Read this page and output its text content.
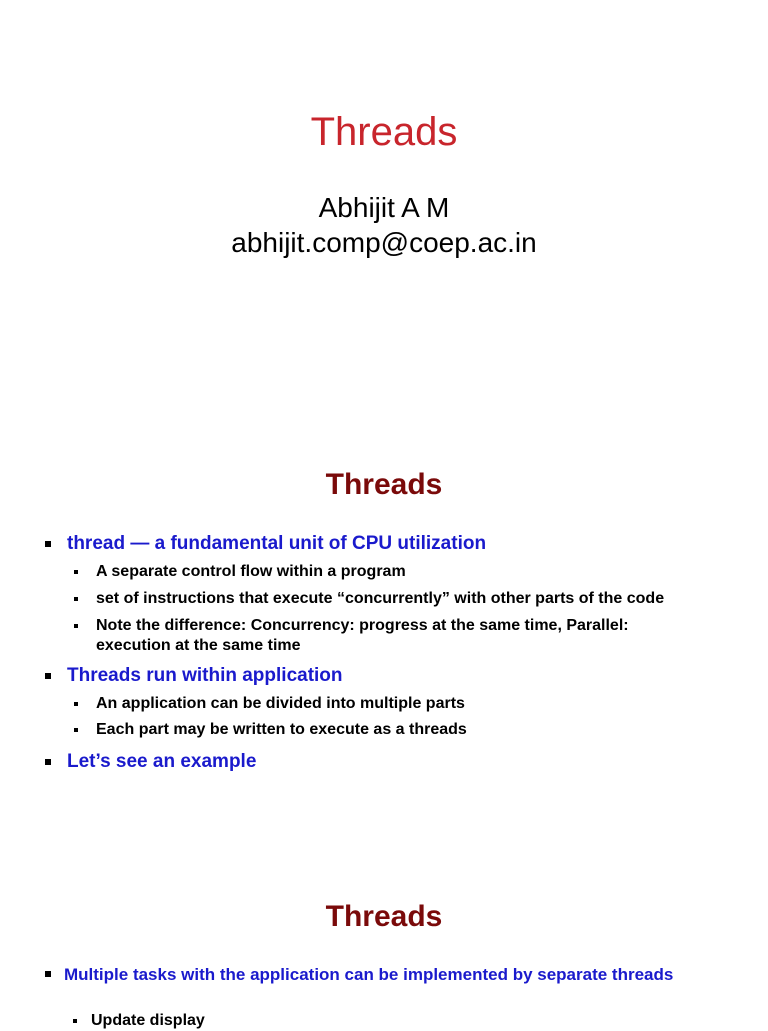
Threads
Abhijit A M
abhijit.comp@coep.ac.in
Threads
thread — a fundamental unit of CPU utilization
A separate control flow within a program
set of instructions that execute “concurrently” with other parts of the code
Note the difference: Concurrency: progress at the same time, Parallel: execution at the same time
Threads run within application
An application can be divided into multiple parts
Each part may be written to execute as a threads
Let’s see an example
Threads
Multiple tasks with the application can be implemented by separate threads
Update display
